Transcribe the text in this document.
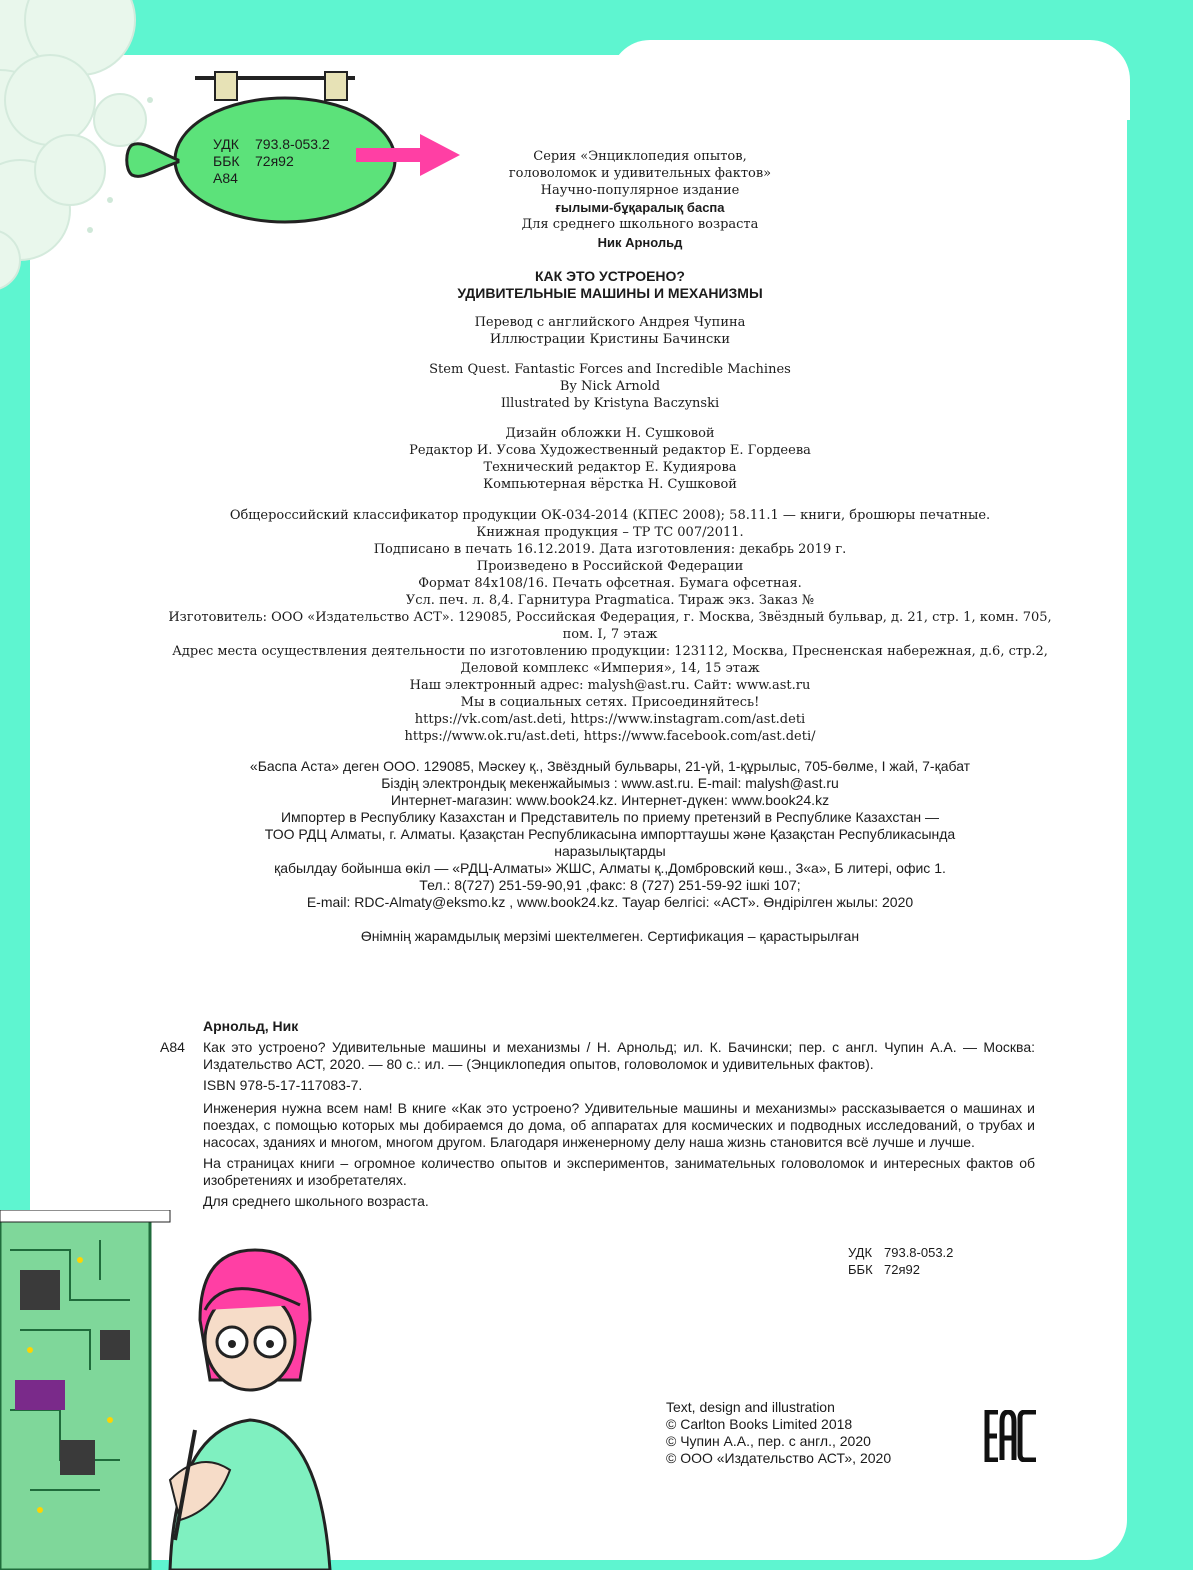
УДК 793.8-053.2
ББК 72я92
А84
Серия «Энциклопедия опытов,
головоломок и удивительных фактов»
Научно-популярное издание
ғылыми-бұқаралық баспа
Для среднего школьного возраста
Ник Арнольд
КАК ЭТО УСТРОЕНО?
УДИВИТЕЛЬНЫЕ МАШИНЫ И МЕХАНИЗМЫ
Перевод с английского Андрея Чупина
Иллюстрации Кристины Бачински
Stem Quest. Fantastic Forces and Incredible Machines
By Nick Arnold
Illustrated by Kristyna Baczynski
Дизайн обложки Н. Сушковой
Редактор И. Усова Художественный редактор Е. Гордеева
Технический редактор Е. Кудиярова
Компьютерная вёрстка Н. Сушковой
Общероссийский классификатор продукции ОК-034-2014 (КПЕС 2008); 58.11.1 — книги, брошюры печатные.
Книжная продукция – ТР ТС 007/2011.
Подписано в печать 16.12.2019. Дата изготовления: декабрь 2019 г.
Произведено в Российской Федерации
Формат 84x108/16. Печать офсетная. Бумага офсетная.
Усл. печ. л. 8,4. Гарнитура Pragmatica. Тираж экз. Заказ №
Изготовитель: ООО «Издательство АСТ». 129085, Российская Федерация, г. Москва, Звёздный бульвар, д. 21, стр. 1, комн. 705,
пом. I, 7 этаж
Адрес места осуществления деятельности по изготовлению продукции: 123112, Москва, Пресненская набережная, д.6, стр.2,
Деловой комплекс «Империя», 14, 15 этаж
Наш электронный адрес: malysh@ast.ru. Сайт: www.ast.ru
Мы в социальных сетях. Присоединяйтесь!
https://vk.com/ast.deti, https://www.instagram.com/ast.deti
https://www.ok.ru/ast.deti, https://www.facebook.com/ast.deti/
«Баспа Аста» деген ООО. 129085, Мәскеу қ., Звёздный бульвары, 21-үй, 1-құрылыс, 705-бөлме, I жай, 7-қабат
Біздің электрондық мекенжайымыз : www.ast.ru. E-mail: malysh@ast.ru
Интернет-магазин: www.book24.kz. Интернет-дүкен: www.book24.kz
Импортер в Республику Казахстан и Представитель по приему претензий в Республике Казахстан —
ТОО РДЦ Алматы, г. Алматы. Қазақстан Республикасына импорттаушы және Қазақстан Республикасында
наразылықтарды
қабылдау бойынша өкіл — «РДЦ-Алматы» ЖШС, Алматы қ.,Домбровский көш., 3«а», Б литері, офис 1.
Тел.: 8(727) 251-59-90,91 ,факс: 8 (727) 251-59-92 ішкі 107;
E-mail: RDC-Almaty@eksmo.kz , www.book24.kz. Тауар белгісі: «АСТ». Өндірілген жылы: 2020
Өнімнің жарамдылық мерзімі шектелмеген. Сертификация – қарастырылған

Арнольд, Ник

А84	Как это устроено? Удивительные машины и механизмы / Н. Арнольд; ил. К. Бачински; пер. с англ. Чупин А.А. — Москва: Издательство АСТ, 2020. — 80 с.: ил. — (Энциклопедия опытов, головоломок и удивительных фактов).

ISBN 978-5-17-117083-7.

Инженерия нужна всем нам! В книге «Как это устроено? Удивительные машины и механизмы» рассказывается о машинах и поездах, с помощью которых мы добираемся до дома, об аппаратах для космических и подводных исследований, о трубах и насосах, зданиях и многом, многом другом. Благодаря инженерному делу наша жизнь становится всё лучше и лучше.

На страницах книги – огромное количество опытов и экспериментов, занимательных головоломок и интересных фактов об изобретениях и изобретателях.

Для среднего школьного возраста.

УДК 793.8-053.2
ББК 72я92
Text, design and illustration
© Carlton Books Limited 2018
© Чупин А.А., пер. с англ., 2020
© ООО «Издательство АСТ», 2020
